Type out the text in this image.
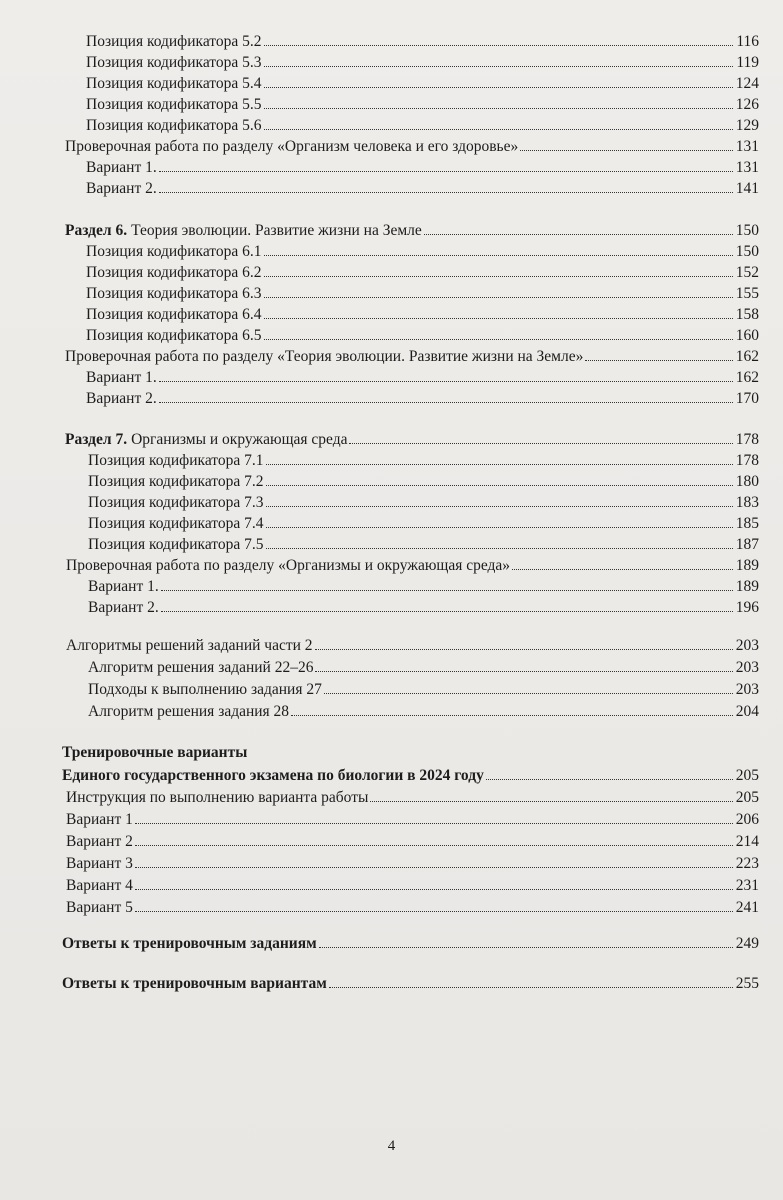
Позиция кодификатора 5.2	116
Позиция кодификатора 5.3	119
Позиция кодификатора 5.4	124
Позиция кодификатора 5.5	126
Позиция кодификатора 5.6	129
Проверочная работа по разделу «Организм человека и его здоровье»	131
Вариант 1.	131
Вариант 2.	141
Раздел 6. Теория эволюции. Развитие жизни на Земле	150
Позиция кодификатора 6.1	150
Позиция кодификатора 6.2	152
Позиция кодификатора 6.3	155
Позиция кодификатора 6.4	158
Позиция кодификатора 6.5	160
Проверочная работа по разделу «Теория эволюции. Развитие жизни на Земле»	162
Вариант 1.	162
Вариант 2.	170
Раздел 7. Организмы и окружающая среда	178
Позиция кодификатора 7.1	178
Позиция кодификатора 7.2	180
Позиция кодификатора 7.3	183
Позиция кодификатора 7.4	185
Позиция кодификатора 7.5	187
Проверочная работа по разделу «Организмы и окружающая среда»	189
Вариант 1.	189
Вариант 2.	196
Алгоритмы решений заданий части 2	203
Алгоритм решения заданий 22–26	203
Подходы к выполнению задания 27	203
Алгоритм решения задания 28	204
Тренировочные варианты
Единого государственного экзамена по биологии в 2024 году	205
Инструкция по выполнению варианта работы	205
Вариант 1	206
Вариант 2	214
Вариант 3	223
Вариант 4	231
Вариант 5	241
Ответы к тренировочным заданиям	249
Ответы к тренировочным вариантам	255
4
